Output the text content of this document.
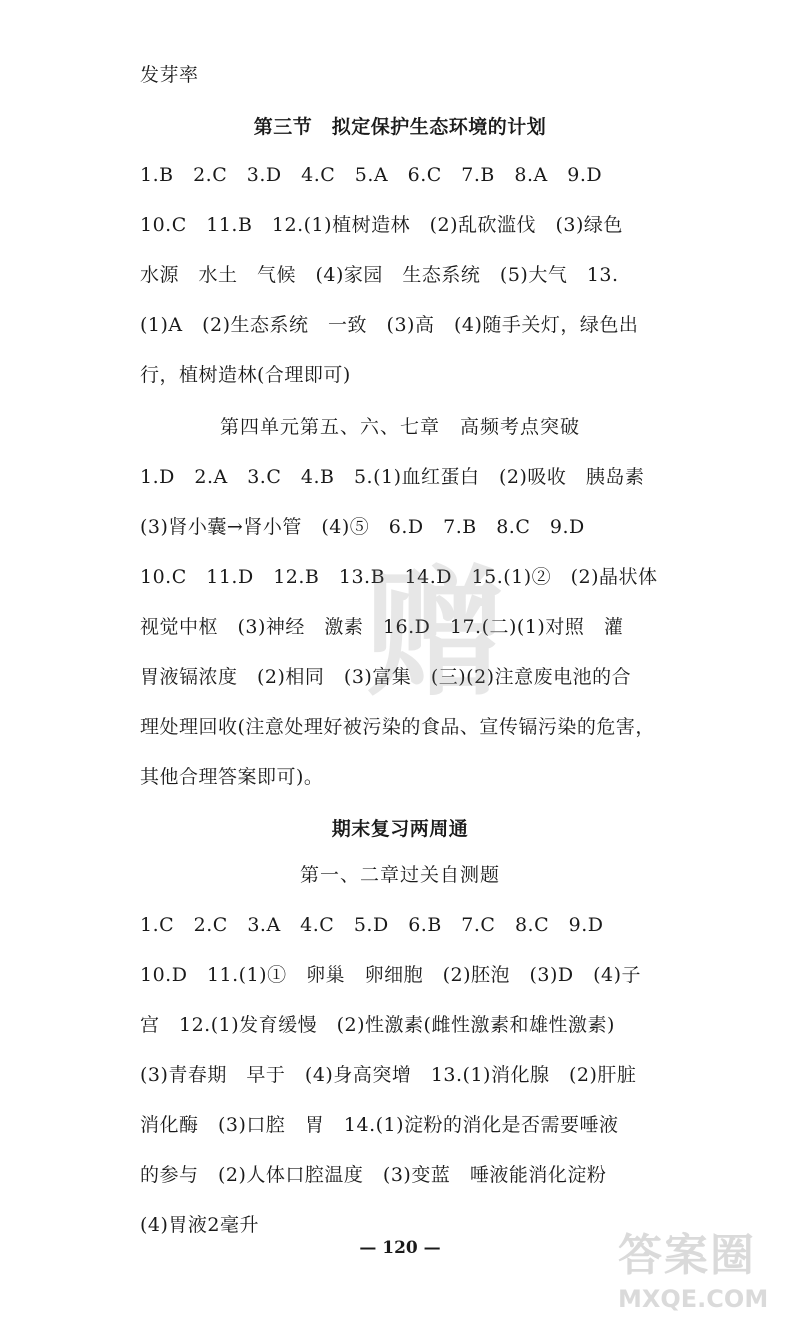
发芽率
第三节　拟定保护生态环境的计划
1.B　2.C　3.D　4.C　5.A　6.C　7.B　8.A　9.D
10.C　11.B　12.(1)植树造林　(2)乱砍滥伐　(3)绿色
水源　水土　气候　(4)家园　生态系统　(5)大气　13.
(1)A　(2)生态系统　一致　(3)高　(4)随手关灯，绿色出
行，植树造林(合理即可)
第四单元第五、六、七章　高频考点突破
1.D　2.A　3.C　4.B　5.(1)血红蛋白　(2)吸收　胰岛素
(3)肾小囊→肾小管　(4)⑤　6.D　7.B　8.C　9.D
10.C　11.D　12.B　13.B　14.D　15.(1)②　(2)晶状体
视觉中枢　(3)神经　激素　16.D　17.(二)(1)对照　灌
胃液镉浓度　(2)相同　(3)富集　(三)(2)注意废电池的合
理处理回收(注意处理好被污染的食品、宣传镉污染的危害，
其他合理答案即可)。
期末复习两周通
第一、二章过关自测题
1.C　2.C　3.A　4.C　5.D　6.B　7.C　8.C　9.D
10.D　11.(1)①　卵巢　卵细胞　(2)胚泡　(3)D　(4)子
宫　12.(1)发育缓慢　(2)性激素(雌性激素和雄性激素)
(3)青春期　早于　(4)身高突增　13.(1)消化腺　(2)肝脏
消化酶　(3)口腔　胃　14.(1)淀粉的消化是否需要唾液
的参与　(2)人体口腔温度　(3)变蓝　唾液能消化淀粉
(4)胃液2毫升
赠
— 120 —	答案圈
MXQE.COM
